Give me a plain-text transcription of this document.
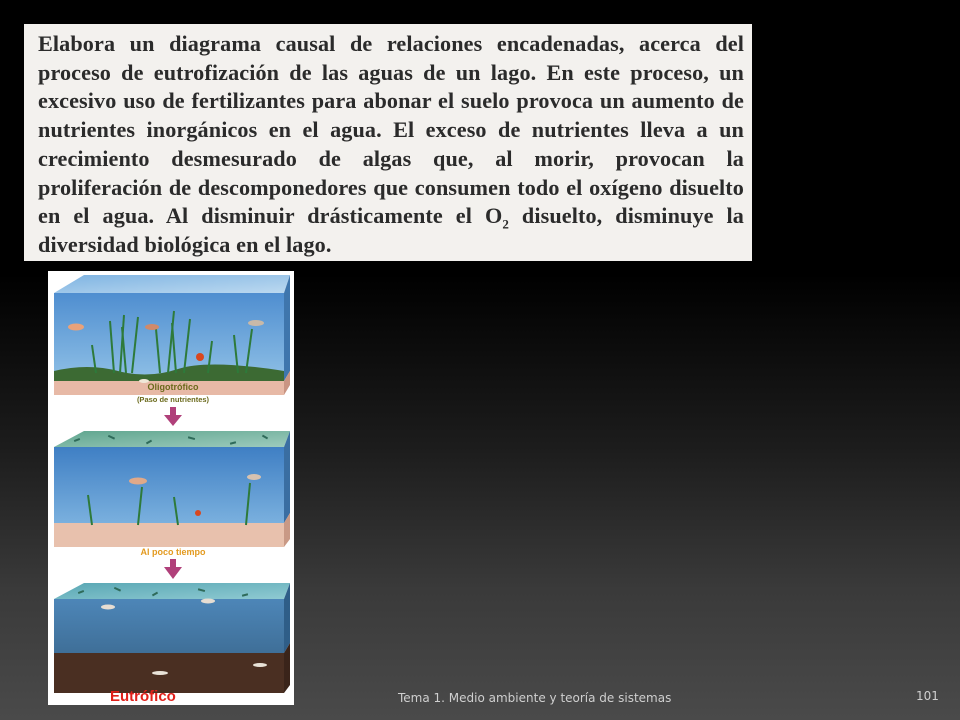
Elabora un diagrama causal de relaciones encadenadas, acerca del proceso de eutrofización de las aguas de un lago. En este proceso, un excesivo uso de fertilizantes para abonar el suelo provoca un aumento de nutrientes inorgánicos en el agua. El exceso de nutrientes lleva a un crecimiento desmesurado de algas que, al morir, provocan la proliferación de descomponedores que consumen todo el oxígeno disuelto en el agua. Al disminuir drásticamente el $O_2$ disuelto, disminuye la diversidad biológica en el lago.
Oligotrófico
(Paso de nutrientes)
Al poco tiempo
Eutrófico	Tema 1. Medio ambiente y teoría de sistemas	101
